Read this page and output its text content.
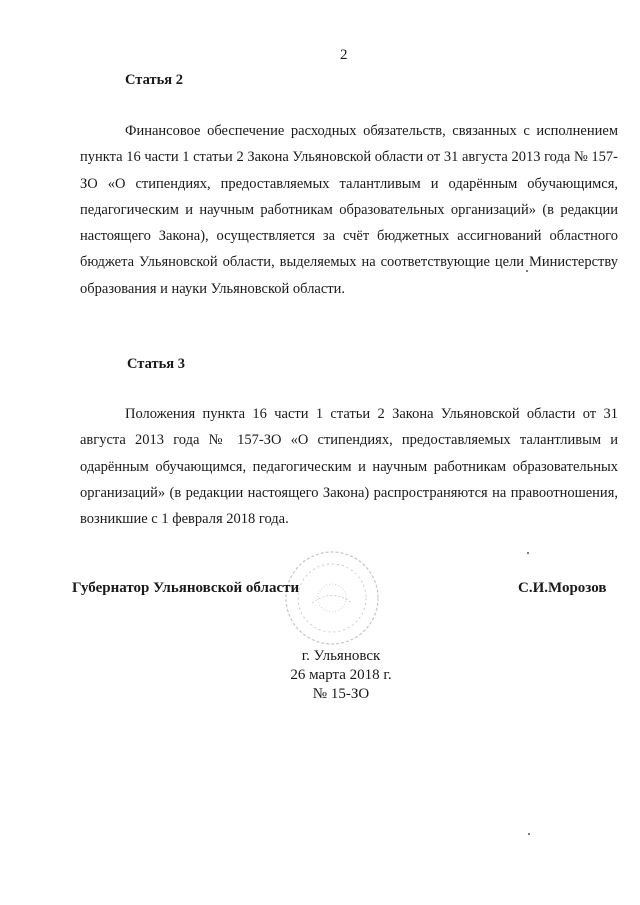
2
Статья 2

Финансовое обеспечение расходных обязательств, связанных с исполнением пункта 16 части 1 статьи 2 Закона Ульяновской области от 31 августа 2013 года № 157-ЗО «О стипендиях, предоставляемых талантливым и одарённым обучающимся, педагогическим и научным работникам образовательных организаций» (в редакции настоящего Закона), осуществляется за счёт бюджетных ассигнований областного бюджета Ульяновской области, выделяемых на соответствующие цели Министерству образования и науки Ульяновской области.

Статья 3

Положения пункта 16 части 1 статьи 2 Закона Ульяновской области от 31 августа 2013 года № 157-ЗО «О стипендиях, предоставляемых талантливым и одарённым обучающимся, педагогическим и научным работникам образовательных организаций» (в редакции настоящего Закона) распространяются на правоотношения, возникшие с 1 февраля 2018 года.

Губернатор Ульяновской области	С.И.Морозов
г. Ульяновск
26 марта 2018 г.
№ 15-ЗО
